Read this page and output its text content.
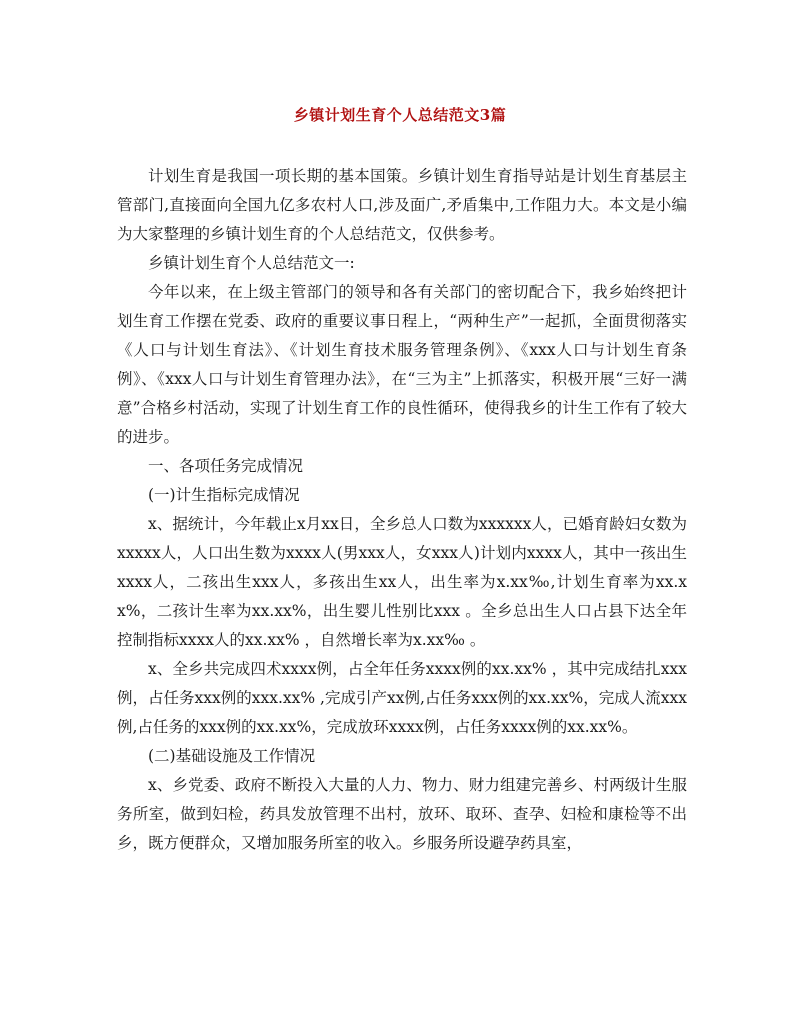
乡镇计划生育个人总结范文3篇

计划生育是我国一项长期的基本国策。乡镇计划生育指导站是计划生育基层主管部门,直接面向全国九亿多农村人口,涉及面广,矛盾集中,工作阻力大。本文是小编为大家整理的乡镇计划生育的个人总结范文，仅供参考。

乡镇计划生育个人总结范文一:

今年以来，在上级主管部门的领导和各有关部门的密切配合下，我乡始终把计划生育工作摆在党委、政府的重要议事日程上，“两种生产”一起抓，全面贯彻落实《人口与计划生育法》、《计划生育技术服务管理条例》、《xxx人口与计划生育条例》、《xxx人口与计划生育管理办法》，在“三为主”上抓落实，积极开展“三好一满意”合格乡村活动，实现了计划生育工作的良性循环，使得我乡的计生工作有了较大的进步。

一、各项任务完成情况

(一)计生指标完成情况

x、据统计，今年载止x月xx日，全乡总人口数为xxxxxx人，已婚育龄妇女数为xxxxx人，人口出生数为xxxx人(男xxx人，女xxx人)计划内xxxx人，其中一孩出生xxxx人，二孩出生xxx人，多孩出生xx人，出生率为x.xx‰,计划生育率为xx.xx%，二孩计生率为xx.xx%，出生婴儿性别比xxx 。全乡总出生人口占县下达全年控制指标xxxx人的xx.xx% ，自然增长率为x.xx‰ 。

x、全乡共完成四术xxxx例，占全年任务xxxx例的xx.xx% ，其中完成结扎xxx例，占任务xxx例的xxx.xx% ,完成引产xx例,占任务xxx例的xx.xx%，完成人流xxx例,占任务的xxx例的xx.xx%，完成放环xxxx例，占任务xxxx例的xx.xx%。

(二)基础设施及工作情况

x、乡党委、政府不断投入大量的人力、物力、财力组建完善乡、村两级计生服务所室，做到妇检，药具发放管理不出村，放环、取环、查孕、妇检和康检等不出乡，既方便群众，又增加服务所室的收入。乡服务所设避孕药具室，
